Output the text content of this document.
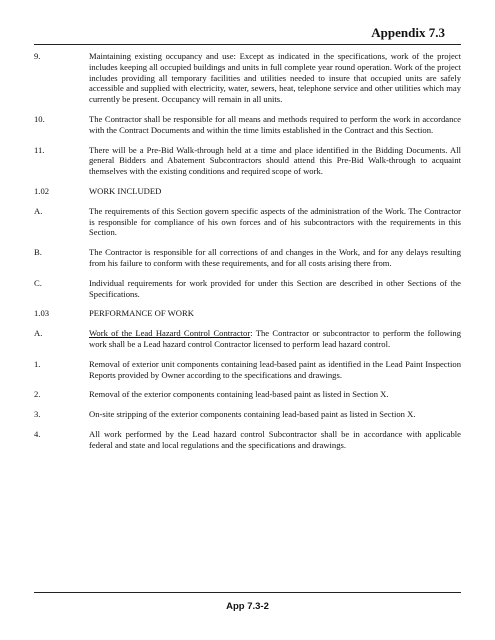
Appendix 7.3
9.	Maintaining existing occupancy and use: Except as indicated in the specifications, work of the project includes keeping all occupied buildings and units in full complete year round operation. Work of the project includes providing all temporary facilities and utilities needed to insure that occupied units are safely accessible and supplied with electricity, water, sewers, heat, telephone service and other utilities which may currently be present. Occupancy will remain in all units.
10.	The Contractor shall be responsible for all means and methods required to perform the work in accordance with the Contract Documents and within the time limits established in the Contract and this Section.
11.	There will be a Pre-Bid Walk-through held at a time and place identified in the Bidding Documents. All general Bidders and Abatement Subcontractors should attend this Pre-Bid Walk-through to acquaint themselves with the existing conditions and required scope of work.
1.02	WORK INCLUDED
A.	The requirements of this Section govern specific aspects of the administration of the Work. The Contractor is responsible for compliance of his own forces and of his subcontractors with the requirements in this Section.
B.	The Contractor is responsible for all corrections of and changes in the Work, and for any delays resulting from his failure to conform with these requirements, and for all costs arising there from.
C.	Individual requirements for work provided for under this Section are described in other Sections of the Specifications.
1.03	PERFORMANCE OF WORK
A.	Work of the Lead Hazard Control Contractor: The Contractor or subcontractor to perform the following work shall be a Lead hazard control Contractor licensed to perform lead hazard control.
1.	Removal of exterior unit components containing lead-based paint as identified in the Lead Paint Inspection Reports provided by Owner according to the specifications and drawings.
2.	Removal of the exterior components containing lead-based paint as listed in Section X.
3.	On-site stripping of the exterior components containing lead-based paint as listed in Section X.
4.	All work performed by the Lead hazard control Subcontractor shall be in accordance with applicable federal and state and local regulations and the specifications and drawings.
App 7.3-2
